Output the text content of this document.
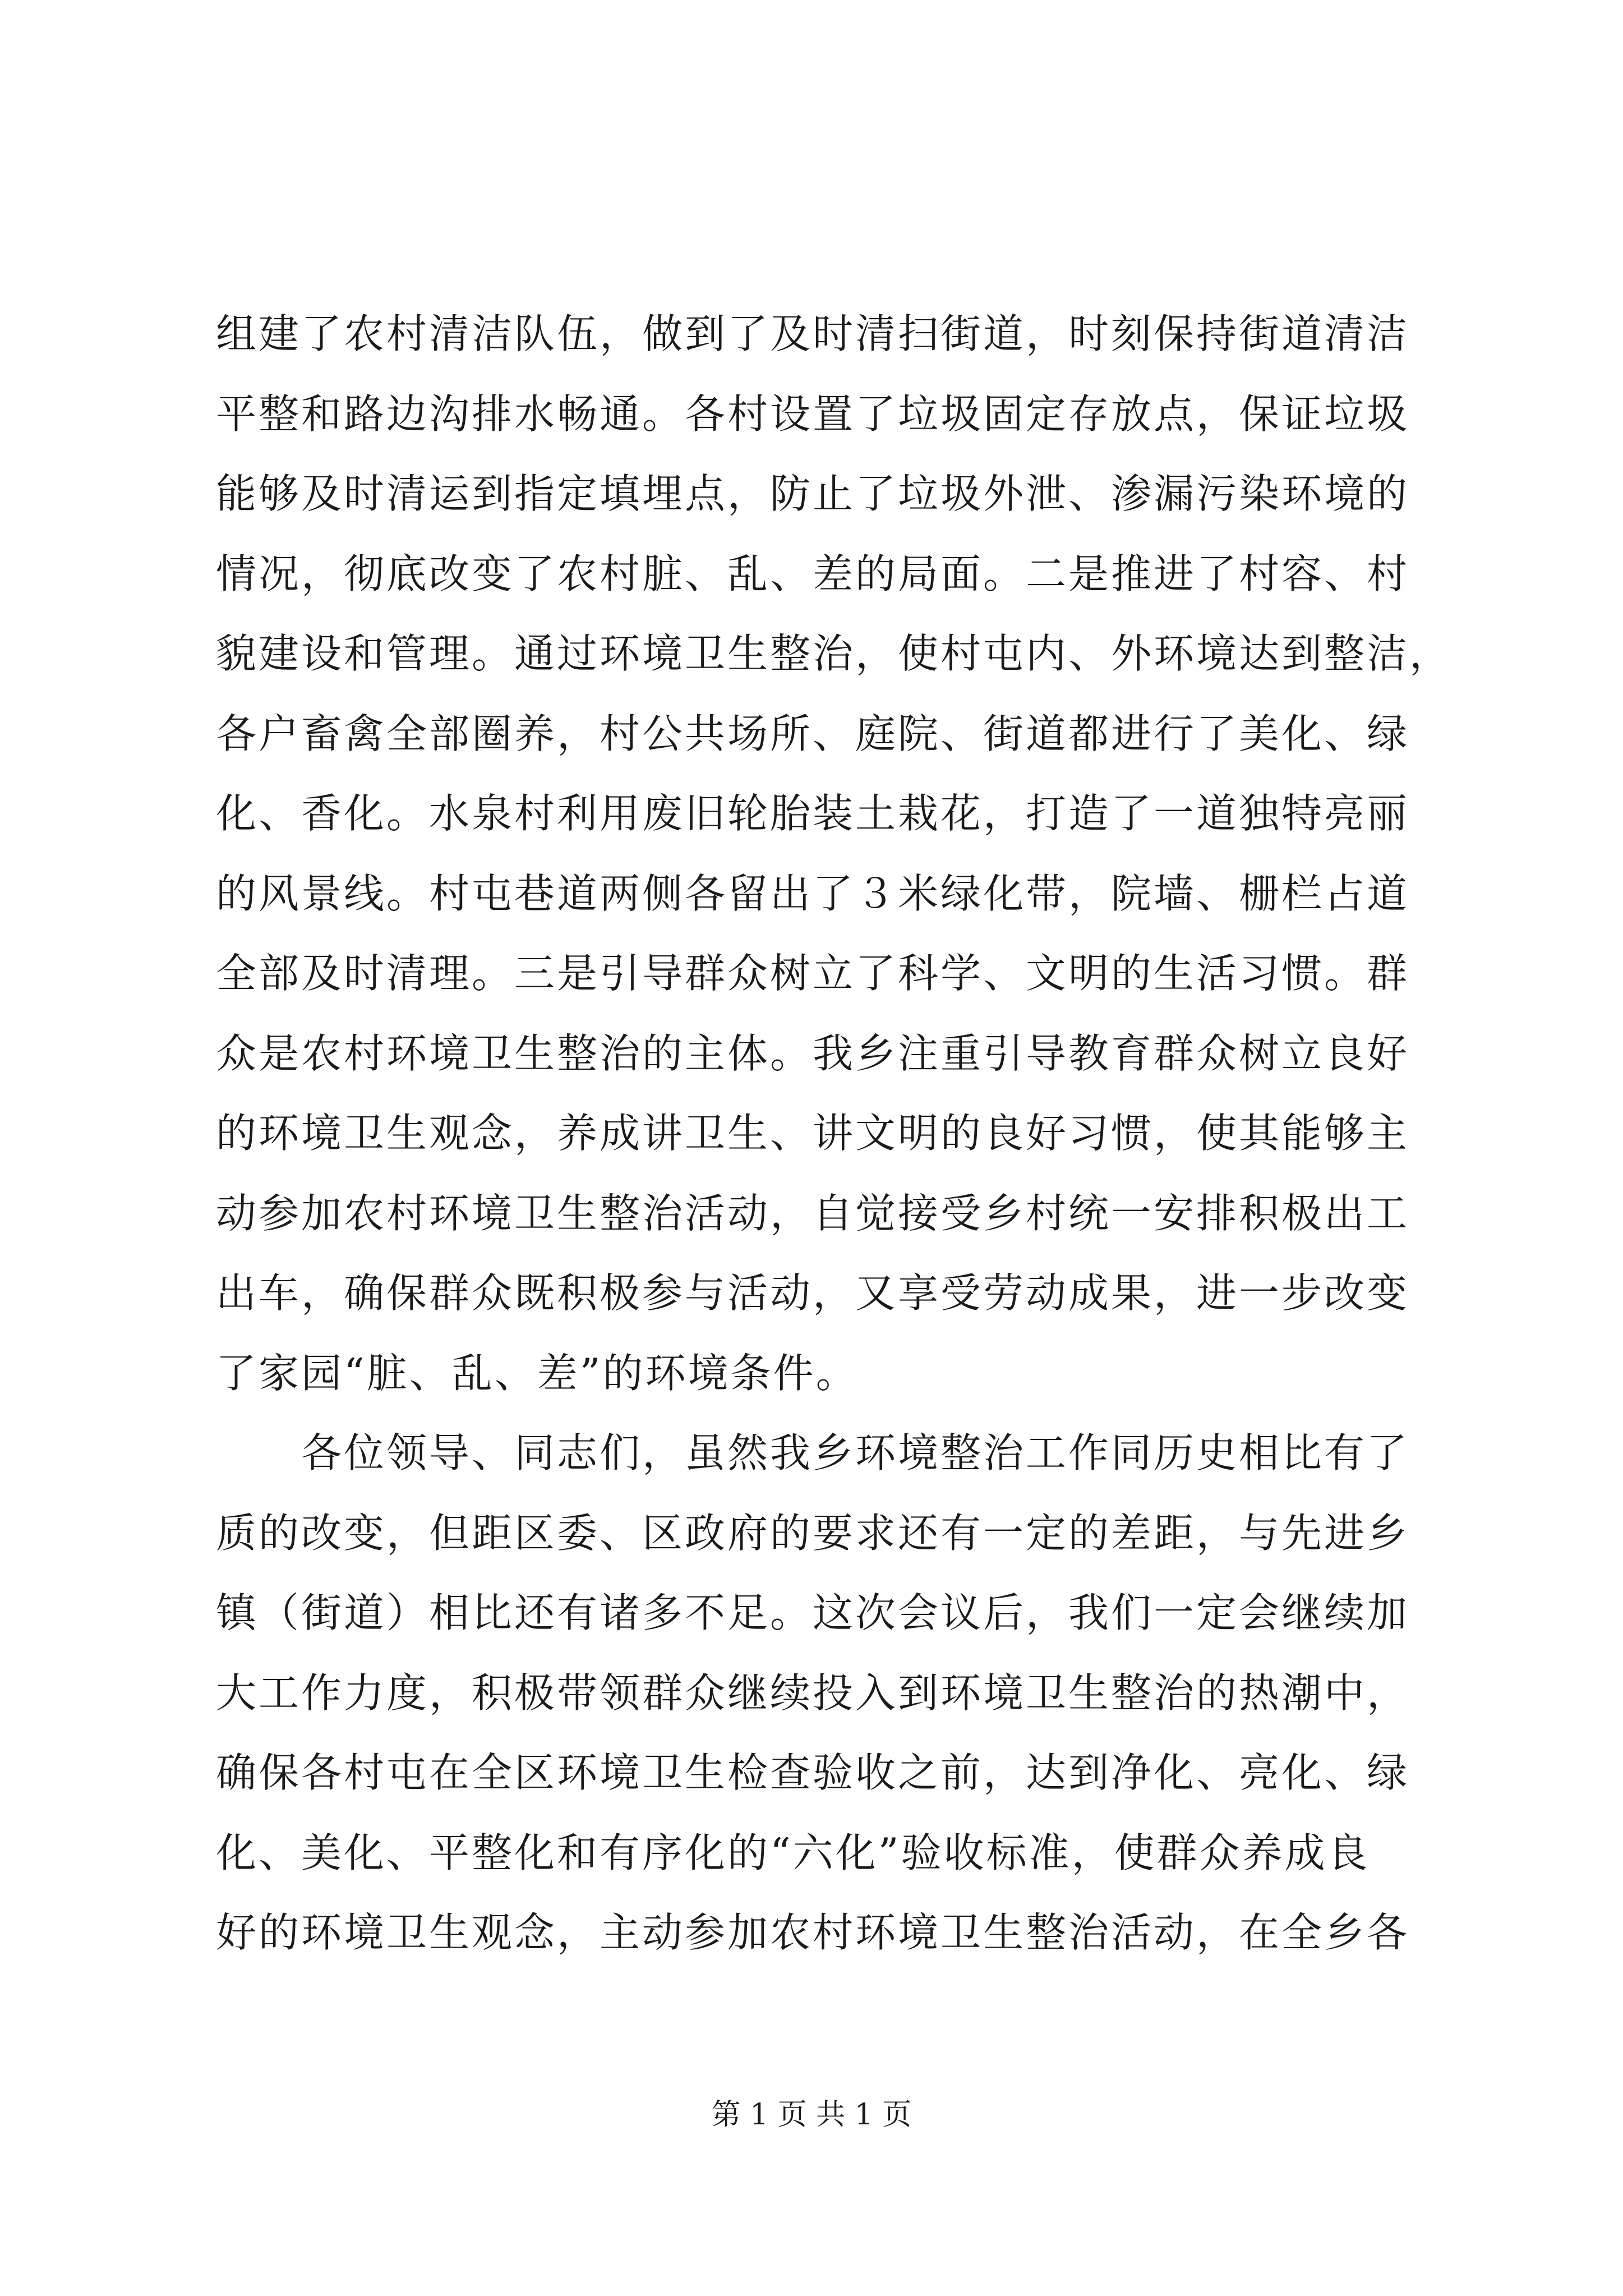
组建了农村清洁队伍，做到了及时清扫街道，时刻保持街道清洁
平整和路边沟排水畅通。各村设置了垃圾固定存放点，保证垃圾
能够及时清运到指定填埋点，防止了垃圾外泄、渗漏污染环境的
情况，彻底改变了农村脏、乱、差的局面。二是推进了村容、村
貌建设和管理。通过环境卫生整治，使村屯内、外环境达到整洁，
各户畜禽全部圈养，村公共场所、庭院、街道都进行了美化、绿
化、香化。水泉村利用废旧轮胎装土栽花，打造了一道独特亮丽
的风景线。村屯巷道两侧各留出了３米绿化带，院墙、栅栏占道
全部及时清理。三是引导群众树立了科学、文明的生活习惯。群
众是农村环境卫生整治的主体。我乡注重引导教育群众树立良好
的环境卫生观念，养成讲卫生、讲文明的良好习惯，使其能够主
动参加农村环境卫生整治活动，自觉接受乡村统一安排积极出工
出车，确保群众既积极参与活动，又享受劳动成果，进一步改变
了家园“脏、乱、差”的环境条件。
　　各位领导、同志们，虽然我乡环境整治工作同历史相比有了
质的改变，但距区委、区政府的要求还有一定的差距，与先进乡
镇（街道）相比还有诸多不足。这次会议后，我们一定会继续加
大工作力度，积极带领群众继续投入到环境卫生整治的热潮中，
确保各村屯在全区环境卫生检查验收之前，达到净化、亮化、绿
化、美化、平整化和有序化的“六化”验收标准，使群众养成良
好的环境卫生观念，主动参加农村环境卫生整治活动，在全乡各
第 1 页 共 1 页
